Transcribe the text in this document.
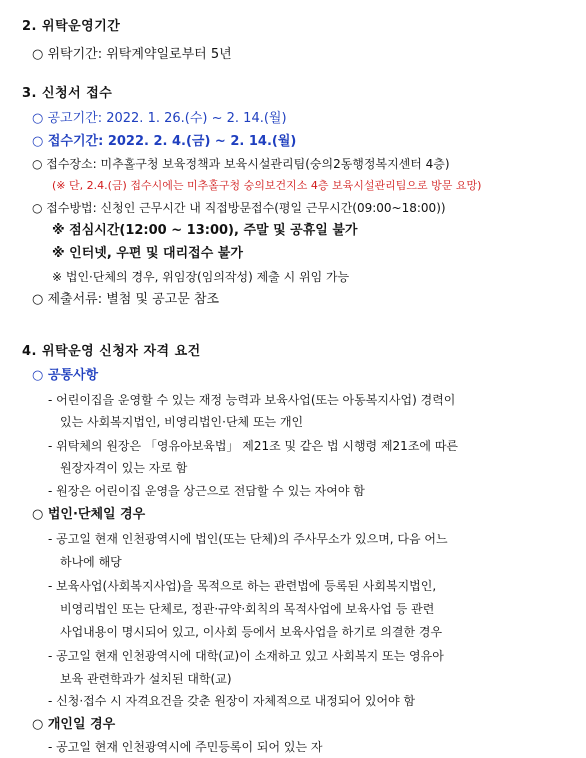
2. 위탁운영기간
○ 위탁기간: 위탁계약일로부터 5년
3. 신청서 접수
○ 공고기간: 2022. 1. 26.(수) ~ 2. 14.(월)
○ 접수기간: 2022. 2. 4.(금) ~ 2. 14.(월)
○ 접수장소: 미추홀구청 보육정책과 보육시설관리팀(숭의2동행정복지센터 4층)
(※ 단, 2.4.(금) 접수시에는 미추홀구청 숭의보건지소 4층 보육시설관리팀으로 방문 요망)
○ 접수방법: 신청인 근무시간 내 직접방문접수(평일 근무시간(09:00~18:00))
※ 점심시간(12:00 ~ 13:00), 주말 및 공휴일 불가
※ 인터넷, 우편 및 대리접수 불가
※ 법인·단체의 경우, 위임장(임의작성) 제출 시 위임 가능
○ 제출서류: 별첨 및 공고문 참조
4. 위탁운영 신청자 자격 요건
○ 공통사항
- 어린이집을 운영할 수 있는 재정 능력과 보육사업(또는 아동복지사업) 경력이
있는 사회복지법인, 비영리법인·단체 또는 개인
- 위탁체의 원장은 「영유아보육법」 제21조 및 같은 법 시행령 제21조에 따른
원장자격이 있는 자로 함
- 원장은 어린이집 운영을 상근으로 전담할 수 있는 자여야 함
○ 법인·단체일 경우
- 공고일 현재 인천광역시에 법인(또는 단체)의 주사무소가 있으며, 다음 어느
하나에 해당
- 보육사업(사회복지사업)을 목적으로 하는 관련법에 등록된 사회복지법인,
비영리법인 또는 단체로, 정관·규약·회칙의 목적사업에 보육사업 등 관련
사업내용이 명시되어 있고, 이사회 등에서 보육사업을 하기로 의결한 경우
- 공고일 현재 인천광역시에 대학(교)이 소재하고 있고 사회복지 또는 영유아
보육 관련학과가 설치된 대학(교)
- 신청·접수 시 자격요건을 갖춘 원장이 자체적으로 내정되어 있어야 함
○ 개인일 경우
- 공고일 현재 인천광역시에 주민등록이 되어 있는 자
